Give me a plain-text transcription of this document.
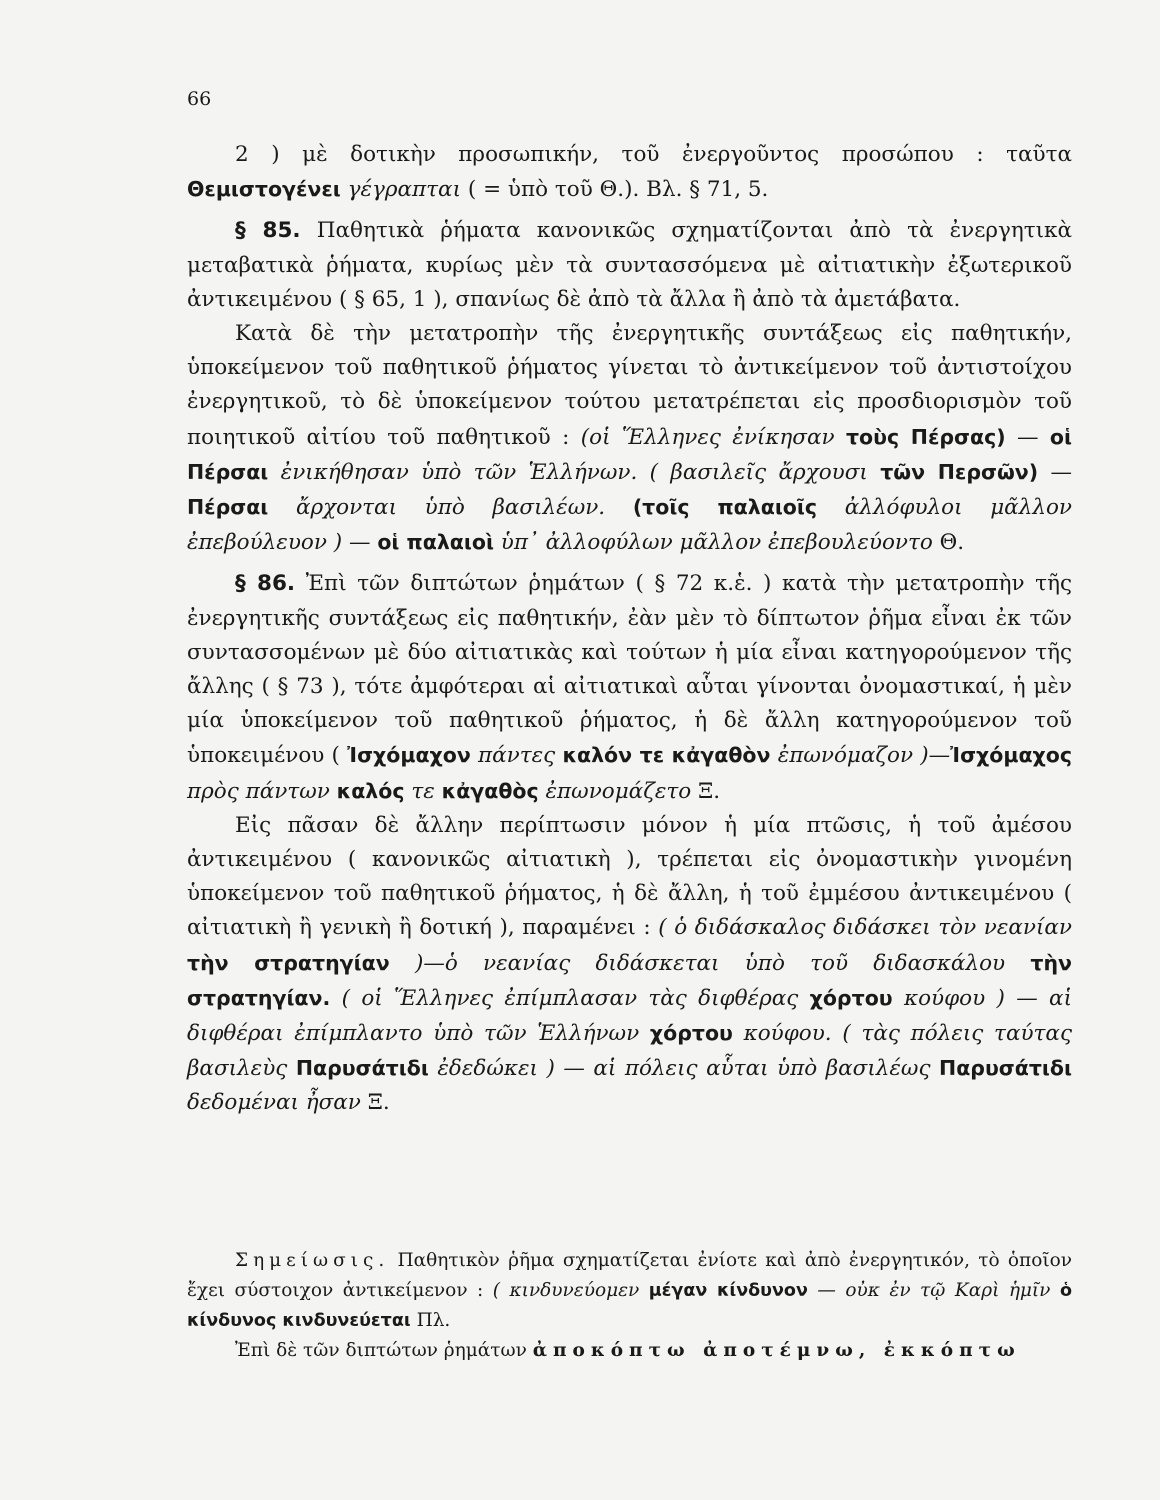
66

2 ) μὲ δοτικὴν προσωπικήν, τοῦ ἐνεργοῦντος προσώπου : ταῦτα Θεμιστογένει γέγραπται ( = ὑπὸ τοῦ Θ.). Βλ. § 71, 5.

§ 85. Παθητικὰ ῥήματα κανονικῶς σχηματίζονται ἀπὸ τὰ ἐνεργητικὰ μεταβατικὰ ῥήματα, κυρίως μὲν τὰ συντασσόμενα μὲ αἰτιατικὴν ἐξωτερικοῦ ἀντικειμένου ( § 65, 1 ), σπανίως δὲ ἀπὸ τὰ ἄλλα ἢ ἀπὸ τὰ ἀμετάβατα.

Κατὰ δὲ τὴν μετατροπὴν τῆς ἐνεργητικῆς συντάξεως εἰς παθητικήν, ὑποκείμενον τοῦ παθητικοῦ ῥήματος γίνεται τὸ ἀντικείμενον τοῦ ἀντιστοίχου ἐνεργητικοῦ, τὸ δὲ ὑποκείμενον τούτου μετατρέπεται εἰς προσδιορισμὸν τοῦ ποιητικοῦ αἰτίου τοῦ παθητικοῦ : (οἱ Ἕλληνες ἐνίκησαν τοὺς Πέρσας) — οἱ Πέρσαι ἐνικήθησαν ὑπὸ τῶν Ἑλλήνων. ( βασιλεῖς ἄρχουσι τῶν Περσῶν) — Πέρσαι ἄρχονται ὑπὸ βασιλέων. (τοῖς παλαιοῖς ἀλλόφυλοι μᾶλλον ἐπεβούλευον ) — οἱ παλαιοὶ ὑπ᾽ ἀλλοφύλων μᾶλλον ἐπεβουλεύοντο Θ.

§ 86. Ἐπὶ τῶν διπτώτων ῥημάτων ( § 72 κ.ἑ. ) κατὰ τὴν μετατροπὴν τῆς ἐνεργητικῆς συντάξεως εἰς παθητικήν, ἐὰν μὲν τὸ δίπτωτον ῥῆμα εἶναι ἐκ τῶν συντασσομένων μὲ δύο αἰτιατικὰς καὶ τούτων ἡ μία εἶναι κατηγορούμενον τῆς ἄλλης ( § 73 ), τότε ἀμφότεραι αἱ αἰτιατικαὶ αὗται γίνονται ὀνομαστικαί, ἡ μὲν μία ὑποκείμενον τοῦ παθητικοῦ ῥήματος, ἡ δὲ ἄλλη κατηγορούμενον τοῦ ὑποκειμένου ( Ἰσχόμαχον πάντες καλόν τε κἀγαθὸν ἐπωνόμαζον )—Ἰσχόμαχος πρὸς πάντων καλός τε κἀγαθὸς ἐπωνομάζετο Ξ.

Εἰς πᾶσαν δὲ ἄλλην περίπτωσιν μόνον ἡ μία πτῶσις, ἡ τοῦ ἀμέσου ἀντικειμένου ( κανονικῶς αἰτιατικὴ ), τρέπεται εἰς ὀνομαστικὴν γινομένη ὑποκείμενον τοῦ παθητικοῦ ῥήματος, ἡ δὲ ἄλλη, ἡ τοῦ ἐμμέσου ἀντικειμένου ( αἰτιατικὴ ἢ γενικὴ ἢ δοτική ), παραμένει : ( ὁ διδάσκαλος διδάσκει τὸν νεανίαν τὴν στρατηγίαν )—ὁ νεανίας διδάσκεται ὑπὸ τοῦ διδασκάλου τὴν στρατηγίαν. ( οἱ Ἕλληνες ἐπίμπλασαν τὰς διφθέρας χόρτου κούφου ) — αἱ διφθέραι ἐπίμπλαντο ὑπὸ τῶν Ἑλλήνων χόρτου κούφου. ( τὰς πόλεις ταύτας βασιλεὺς Παρυσάτιδι ἐδεδώκει ) — αἱ πόλεις αὗται ὑπὸ βασιλέως Παρυσάτιδι δεδομέναι ἦσαν Ξ.

Σημείωσις. Παθητικὸν ῥῆμα σχηματίζεται ἐνίοτε καὶ ἀπὸ ἐνεργητικόν, τὸ ὁποῖον ἔχει σύστοιχον ἀντικείμενον : ( κινδυνεύομεν μέγαν κίνδυνον — οὐκ ἐν τῷ Καρὶ ἡμῖν ὁ κίνδυνος κινδυνεύεται Πλ.

Ἐπὶ δὲ τῶν διπτώτων ῥημάτων ἀποκόπτω ἀποτέμνω, ἐκκόπτω
